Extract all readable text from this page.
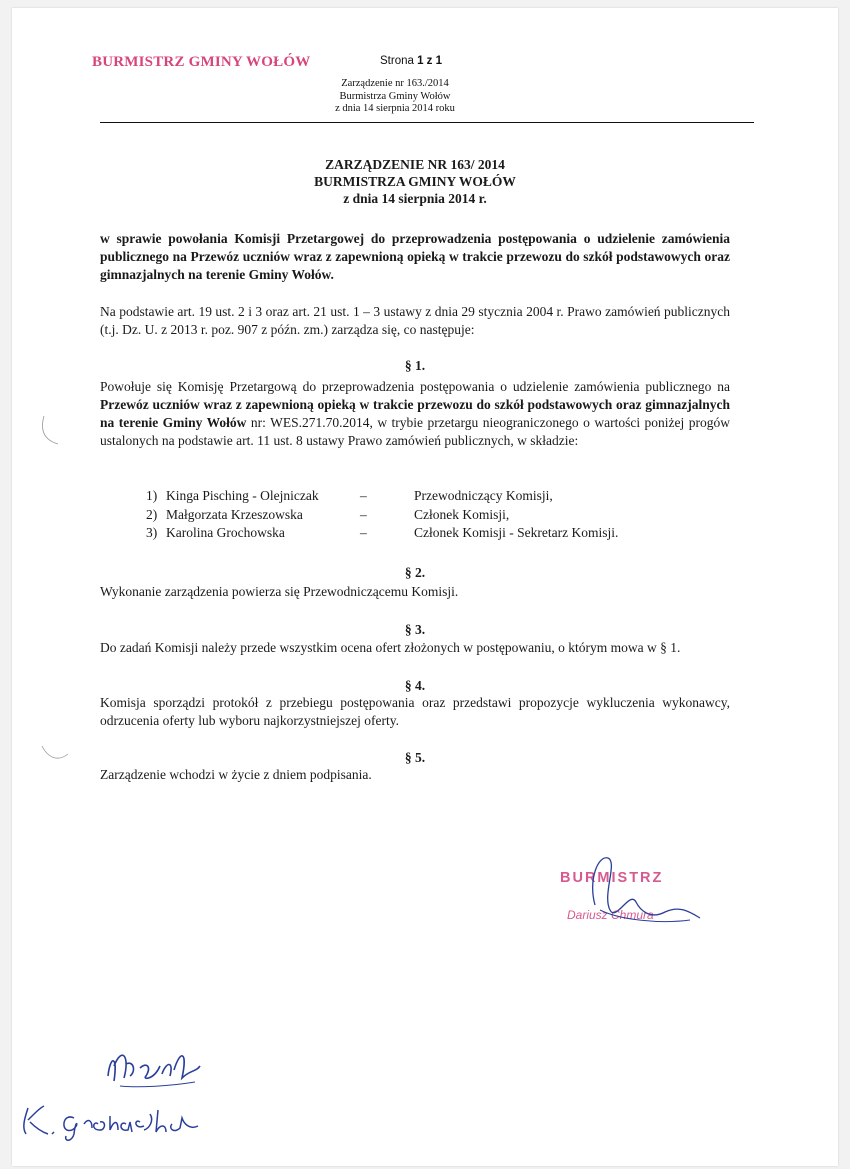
BURMISTRZ GMINY WOŁÓW	Strona 1 z 1
Zarządzenie nr 163./2014
Burmistrza Gminy Wołów
z dnia 14 sierpnia 2014 roku
ZARZĄDZENIE NR 163/ 2014
BURMISTRZA GMINY WOŁÓW
z dnia 14 sierpnia 2014 r.
w sprawie powołania Komisji Przetargowej do przeprowadzenia postępowania o udzielenie zamówienia publicznego na Przewóz uczniów wraz z zapewnioną opieką w trakcie przewozu do szkół podstawowych oraz gimnazjalnych na terenie Gminy Wołów.
Na podstawie art. 19 ust. 2 i 3 oraz art. 21 ust. 1 – 3 ustawy z dnia 29 stycznia 2004 r. Prawo zamówień publicznych (t.j. Dz. U. z 2013 r. poz. 907 z późn. zm.) zarządza się, co następuje:
§ 1.
Powołuje się Komisję Przetargową do przeprowadzenia postępowania o udzielenie zamówienia publicznego na Przewóz uczniów wraz z zapewnioną opieką w trakcie przewozu do szkół podstawowych oraz gimnazjalnych na terenie Gminy Wołów nr: WES.271.70.2014, w trybie przetargu nieograniczonego o wartości poniżej progów ustalonych na podstawie art. 11 ust. 8 ustawy Prawo zamówień publicznych, w składzie:
1) Kinga Pisching - Olejniczak	–	Przewodniczący Komisji,
2) Małgorzata Krzeszowska	–	Członek Komisji,
3) Karolina Grochowska	–	Członek Komisji - Sekretarz Komisji.
§ 2.
Wykonanie zarządzenia powierza się Przewodniczącemu Komisji.
§ 3.
Do zadań Komisji należy przede wszystkim ocena ofert złożonych w postępowaniu, o którym mowa w § 1.
§ 4.
Komisja sporządzi protokół z przebiegu postępowania oraz przedstawi propozycje wykluczenia wykonawcy, odrzucenia oferty lub wyboru najkorzystniejszej oferty.
§ 5.
Zarządzenie wchodzi w życie z dniem podpisania.
BURMISTRZ
Dariusz Chmura
